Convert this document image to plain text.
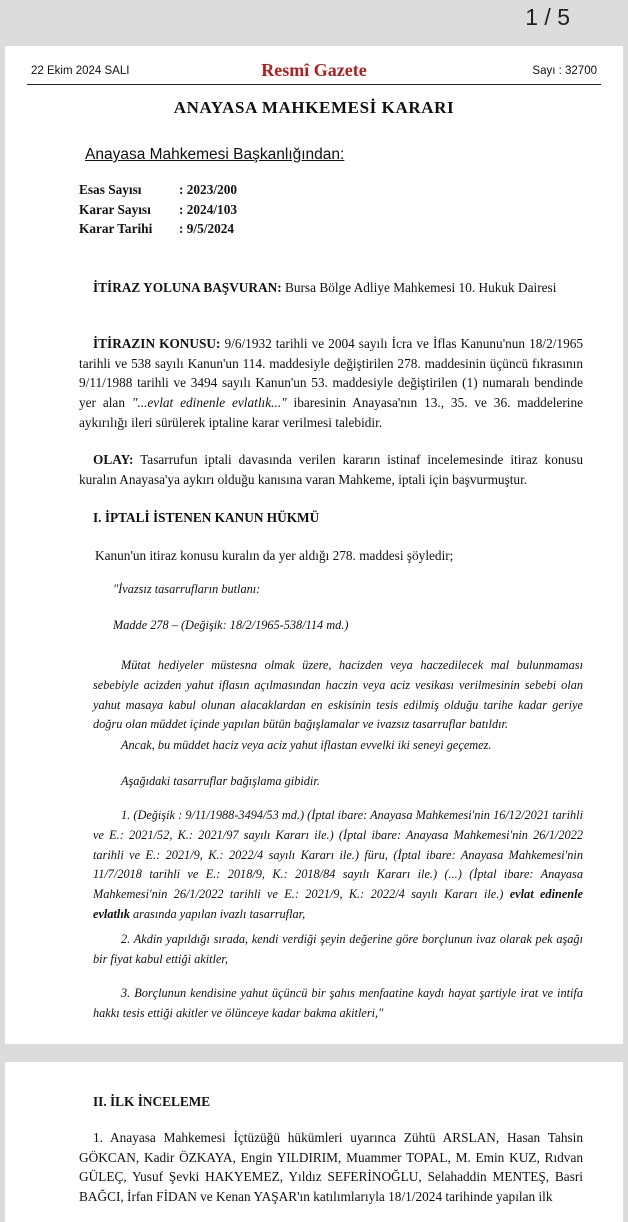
1 / 5
22 Ekim 2024 SALI	Resmî Gazete	Sayı : 32700
ANAYASA MAHKEMESİ KARARI
Anayasa Mahkemesi Başkanlığından:
Esas Sayısı	: 2023/200
Karar Sayısı : 2024/103
Karar Tarihi : 9/5/2024
İTİRAZ YOLUNA BAŞVURAN: Bursa Bölge Adliye Mahkemesi 10. Hukuk Dairesi
İTİRAZIN KONUSU: 9/6/1932 tarihli ve 2004 sayılı İcra ve İflas Kanunu'nun 18/2/1965 tarihli ve 538 sayılı Kanun'un 114. maddesiyle değiştirilen 278. maddesinin üçüncü fıkrasının 9/11/1988 tarihli ve 3494 sayılı Kanun'un 53. maddesiyle değiştirilen (1) numaralı bendinde yer alan "...evlat edinenle evlatlık..." ibaresinin Anayasa'nın 13., 35. ve 36. maddelerine aykırılığı ileri sürülerek iptaline karar verilmesi talebidir.
OLAY: Tasarrufun iptali davasında verilen kararın istinaf incelemesinde itiraz konusu kuralın Anayasa'ya aykırı olduğu kanısına varan Mahkeme, iptali için başvurmuştur.
I. İPTALİ İSTENEN KANUN HÜKMÜ
Kanun'un itiraz konusu kuralın da yer aldığı 278. maddesi şöyledir;
"İvazsız tasarrufların butlanı:
Madde 278 – (Değişik: 18/2/1965-538/114 md.)
Mütat hediyeler müstesna olmak üzere, hacizden veya haczedilecek mal bulunmaması sebebiyle acizden yahut iflasın açılmasından haczin veya aciz vesikası verilmesinin sebebi olan yahut masaya kabul olunan alacaklardan en eskisinin tesis edilmiş olduğu tarihe kadar geriye doğru olan müddet içinde yapılan bütün bağışlamalar ve ivazsız tasarruflar batıldır.
Ancak, bu müddet haciz veya aciz yahut iflastan evvelki iki seneyi geçemez.
Aşağıdaki tasarruflar bağışlama gibidir.
1. (Değişik : 9/11/1988-3494/53 md.) (İptal ibare: Anayasa Mahkemesi'nin 16/12/2021 tarihli ve E.: 2021/52, K.: 2021/97 sayılı Kararı ile.) (İptal ibare: Anayasa Mahkemesi'nin 26/1/2022 tarihli ve E.: 2021/9, K.: 2022/4 sayılı Kararı ile.) füru, (İptal ibare: Anayasa Mahkemesi'nin 11/7/2018 tarihli ve E.: 2018/9, K.: 2018/84 sayılı Kararı ile.) (...) (İptal ibare: Anayasa Mahkemesi'nin 26/1/2022 tarihli ve E.: 2021/9, K.: 2022/4 sayılı Kararı ile.) evlat edinenle evlatlık arasında yapılan ivazlı tasarruflar,
2. Akdin yapıldığı sırada, kendi verdiği şeyin değerine göre borçlunun ivaz olarak pek aşağı bir fiyat kabul ettiği akitler,
3. Borçlunun kendisine yahut üçüncü bir şahıs menfaatine kaydı hayat şartiyle irat ve intifa hakkı tesis ettiği akitler ve ölünceye kadar bakma akitleri,"
II. İLK İNCELEME
1. Anayasa Mahkemesi İçtüzüğü hükümleri uyarınca Zühtü ARSLAN, Hasan Tahsin GÖKCAN, Kadir ÖZKAYA, Engin YILDIRIM, Muammer TOPAL, M. Emin KUZ, Rıdvan GÜLEÇ, Yusuf Şevki HAKYEMEZ, Yıldız SEFERİNOĞLU, Selahaddin MENTEŞ, Basri BAĞCI, İrfan FİDAN ve Kenan YAŞAR'ın katılımlarıyla 18/1/2024 tarihinde yapılan ilk
